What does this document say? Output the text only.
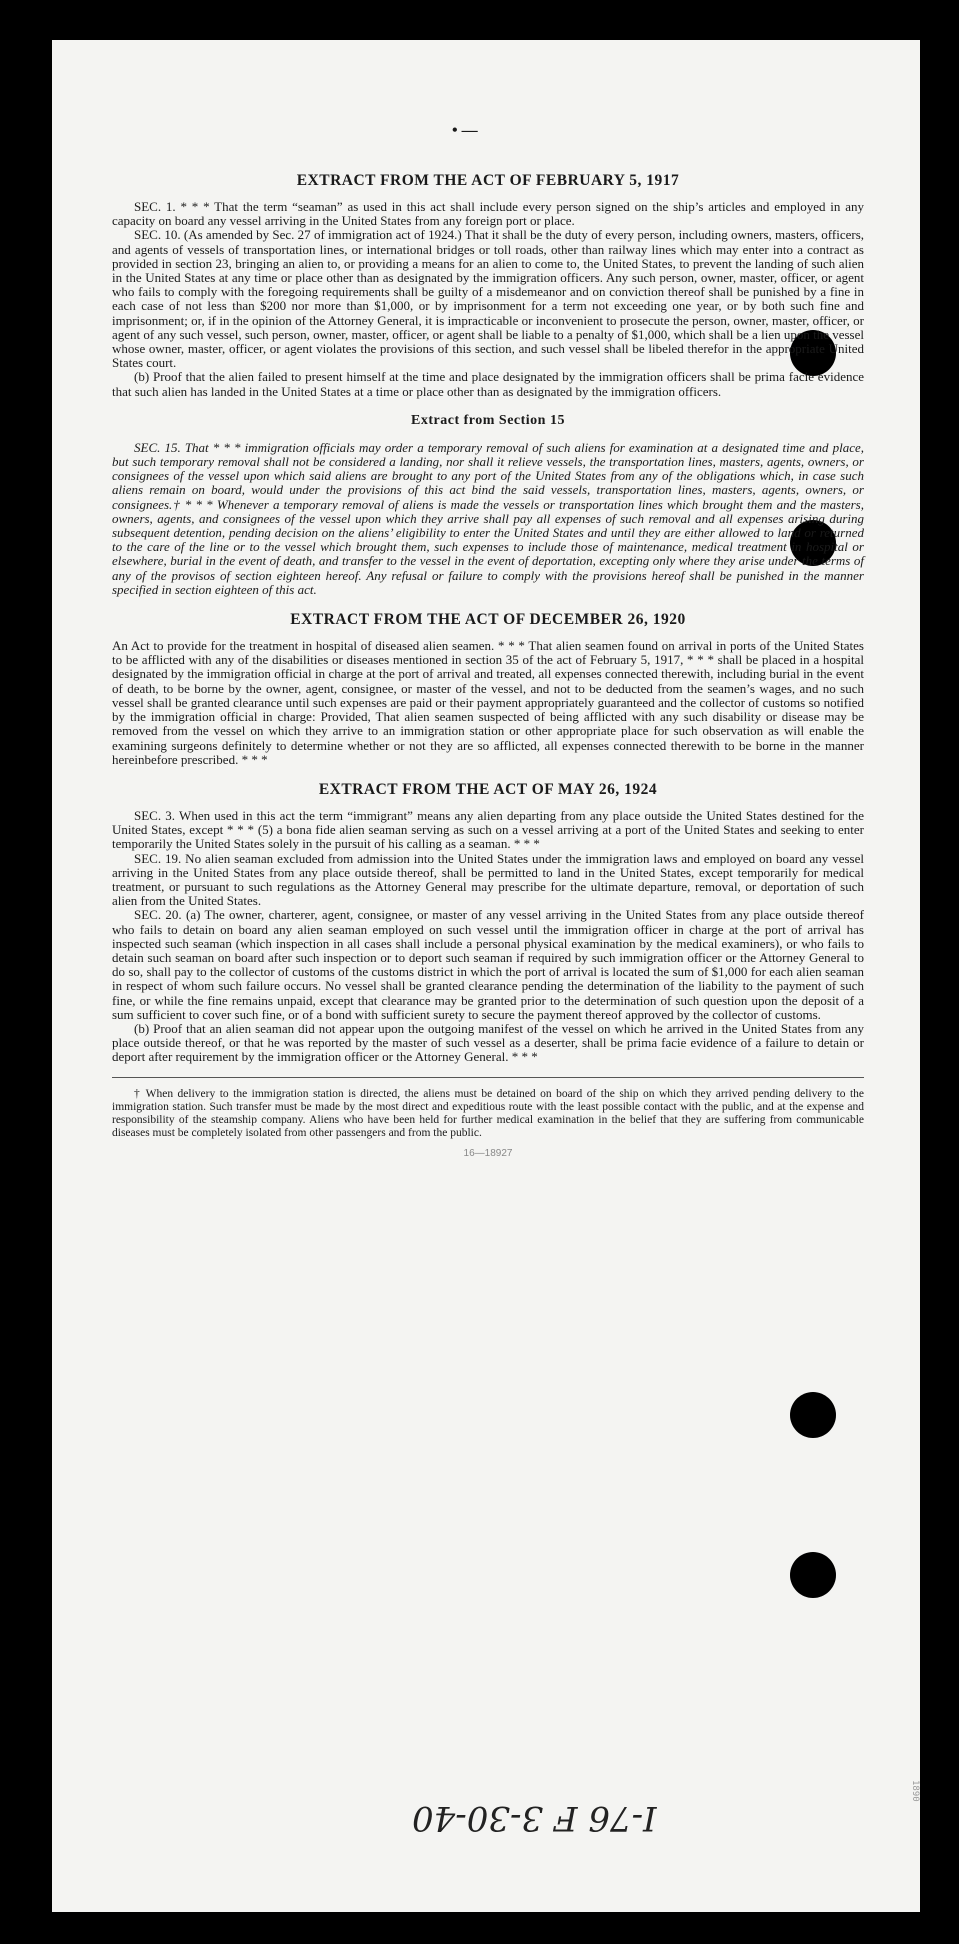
• —

EXTRACT FROM THE ACT OF FEBRUARY 5, 1917

SEC. 1. * * * That the term “seaman” as used in this act shall include every person signed on the ship’s articles and employed in any capacity on board any vessel arriving in the United States from any foreign port or place.

SEC. 10. (As amended by Sec. 27 of immigration act of 1924.) That it shall be the duty of every person, including owners, masters, officers, and agents of vessels of transportation lines, or international bridges or toll roads, other than railway lines which may enter into a contract as provided in section 23, bringing an alien to, or providing a means for an alien to come to, the United States, to prevent the landing of such alien in the United States at any time or place other than as designated by the immigration officers. Any such person, owner, master, officer, or agent who fails to comply with the foregoing requirements shall be guilty of a misdemeanor and on conviction thereof shall be punished by a fine in each case of not less than $200 nor more than $1,000, or by imprisonment for a term not exceeding one year, or by both such fine and imprisonment; or, if in the opinion of the Attorney General, it is impracticable or inconvenient to prosecute the person, owner, master, officer, or agent of any such vessel, such person, owner, master, officer, or agent shall be liable to a penalty of $1,000, which shall be a lien upon the vessel whose owner, master, officer, or agent violates the provisions of this section, and such vessel shall be libeled therefor in the appropriate United States court.

(b) Proof that the alien failed to present himself at the time and place designated by the immigration officers shall be prima facie evidence that such alien has landed in the United States at a time or place other than as designated by the immigration officers.

Extract from Section 15

SEC. 15. That * * * immigration officials may order a temporary removal of such aliens for examination at a designated time and place, but such temporary removal shall not be considered a landing, nor shall it relieve vessels, the transportation lines, masters, agents, owners, or consignees of the vessel upon which said aliens are brought to any port of the United States from any of the obligations which, in case such aliens remain on board, would under the provisions of this act bind the said vessels, transportation lines, masters, agents, owners, or consignees.† * * * Whenever a temporary removal of aliens is made the vessels or transportation lines which brought them and the masters, owners, agents, and consignees of the vessel upon which they arrive shall pay all expenses of such removal and all expenses arising during subsequent detention, pending decision on the aliens’ eligibility to enter the United States and until they are either allowed to land or returned to the care of the line or to the vessel which brought them, such expenses to include those of maintenance, medical treatment in hospital or elsewhere, burial in the event of death, and transfer to the vessel in the event of deportation, excepting only where they arise under the terms of any of the provisos of section eighteen hereof. Any refusal or failure to comply with the provisions hereof shall be punished in the manner specified in section eighteen of this act.

EXTRACT FROM THE ACT OF DECEMBER 26, 1920

An Act to provide for the treatment in hospital of diseased alien seamen. * * * That alien seamen found on arrival in ports of the United States to be afflicted with any of the disabilities or diseases mentioned in section 35 of the act of February 5, 1917, * * * shall be placed in a hospital designated by the immigration official in charge at the port of arrival and treated, all expenses connected therewith, including burial in the event of death, to be borne by the owner, agent, consignee, or master of the vessel, and not to be deducted from the seamen’s wages, and no such vessel shall be granted clearance until such expenses are paid or their payment appropriately guaranteed and the collector of customs so notified by the immigration official in charge: Provided, That alien seamen suspected of being afflicted with any such disability or disease may be removed from the vessel on which they arrive to an immigration station or other appropriate place for such observation as will enable the examining surgeons definitely to determine whether or not they are so afflicted, all expenses connected therewith to be borne in the manner hereinbefore prescribed. * * *

EXTRACT FROM THE ACT OF MAY 26, 1924

SEC. 3. When used in this act the term “immigrant” means any alien departing from any place outside the United States destined for the United States, except * * * (5) a bona fide alien seaman serving as such on a vessel arriving at a port of the United States and seeking to enter temporarily the United States solely in the pursuit of his calling as a seaman. * * *

SEC. 19. No alien seaman excluded from admission into the United States under the immigration laws and employed on board any vessel arriving in the United States from any place outside thereof, shall be permitted to land in the United States, except temporarily for medical treatment, or pursuant to such regulations as the Attorney General may prescribe for the ultimate departure, removal, or deportation of such alien from the United States.

SEC. 20. (a) The owner, charterer, agent, consignee, or master of any vessel arriving in the United States from any place outside thereof who fails to detain on board any alien seaman employed on such vessel until the immigration officer in charge at the port of arrival has inspected such seaman (which inspection in all cases shall include a personal physical examination by the medical examiners), or who fails to detain such seaman on board after such inspection or to deport such seaman if required by such immigration officer or the Attorney General to do so, shall pay to the collector of customs of the customs district in which the port of arrival is located the sum of $1,000 for each alien seaman in respect of whom such failure occurs. No vessel shall be granted clearance pending the determination of the liability to the payment of such fine, or while the fine remains unpaid, except that clearance may be granted prior to the determination of such question upon the deposit of a sum sufficient to cover such fine, or of a bond with sufficient surety to secure the payment thereof approved by the collector of customs.

(b) Proof that an alien seaman did not appear upon the outgoing manifest of the vessel on which he arrived in the United States from any place outside thereof, or that he was reported by the master of such vessel as a deserter, shall be prima facie evidence of a failure to detain or deport after requirement by the immigration officer or the Attorney General. * * *

† When delivery to the immigration station is directed, the aliens must be detained on board of the ship on which they arrived pending delivery to the immigration station. Such transfer must be made by the most direct and expeditious route with the least possible contact with the public, and at the expense and responsibility of the steamship company. Aliens who have been held for further medical examination in the belief that they are suffering from communicable diseases must be completely isolated from other passengers and from the public.

16—18927

I-76 F 3-30-40
1890
